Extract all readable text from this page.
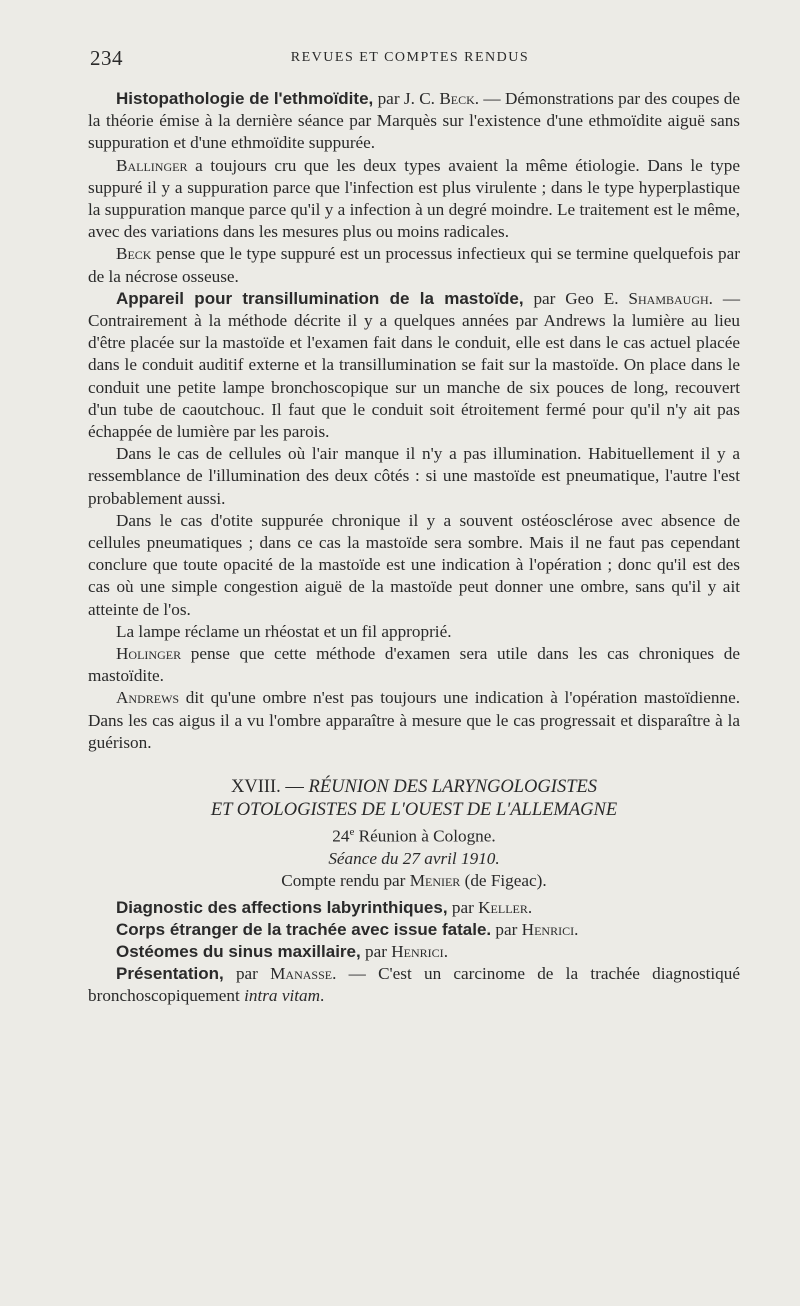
234	REVUES ET COMPTES RENDUS

Histopathologie de l'ethmoïdite, par J. C. Beck. — Démonstrations par des coupes de la théorie émise à la dernière séance par Marquès sur l'existence d'une ethmoïdite aiguë sans suppuration et d'une ethmoïdite suppurée.

Ballinger a toujours cru que les deux types avaient la même étiologie. Dans le type suppuré il y a suppuration parce que l'infection est plus virulente ; dans le type hyperplastique la suppuration manque parce qu'il y a infection à un degré moindre. Le traitement est le même, avec des variations dans les mesures plus ou moins radicales.

Beck pense que le type suppuré est un processus infectieux qui se termine quelquefois par de la nécrose osseuse.

Appareil pour transillumination de la mastoïde, par Geo E. Shambaugh. — Contrairement à la méthode décrite il y a quelques années par Andrews la lumière au lieu d'être placée sur la mastoïde et l'examen fait dans le conduit, elle est dans le cas actuel placée dans le conduit auditif externe et la transillumination se fait sur la mastoïde. On place dans le conduit une petite lampe bronchoscopique sur un manche de six pouces de long, recouvert d'un tube de caoutchouc. Il faut que le conduit soit étroitement fermé pour qu'il n'y ait pas échappée de lumière par les parois.

Dans le cas de cellules où l'air manque il n'y a pas illumination. Habituellement il y a ressemblance de l'illumination des deux côtés : si une mastoïde est pneumatique, l'autre l'est probablement aussi.

Dans le cas d'otite suppurée chronique il y a souvent ostéosclérose avec absence de cellules pneumatiques ; dans ce cas la mastoïde sera sombre. Mais il ne faut pas cependant conclure que toute opacité de la mastoïde est une indication à l'opération ; donc qu'il est des cas où une simple congestion aiguë de la mastoïde peut donner une ombre, sans qu'il y ait atteinte de l'os.

La lampe réclame un rhéostat et un fil approprié.

Holinger pense que cette méthode d'examen sera utile dans les cas chroniques de mastoïdite.

Andrews dit qu'une ombre n'est pas toujours une indication à l'opération mastoïdienne. Dans les cas aigus il a vu l'ombre apparaître à mesure que le cas progressait et disparaître à la guérison.

XVIII. — RÉUNION DES LARYNGOLOGISTES

ET OTOLOGISTES DE L'OUEST DE L'ALLEMAGNE

24e Réunion à Cologne.

Séance du 27 avril 1910.

Compte rendu par Menier (de Figeac).

Diagnostic des affections labyrinthiques, par Keller.

Corps étranger de la trachée avec issue fatale. par Henrici.

Ostéomes du sinus maxillaire, par Henrici.

Présentation, par Manasse. — C'est un carcinome de la trachée diagnostiqué bronchoscopiquement intra vitam.
